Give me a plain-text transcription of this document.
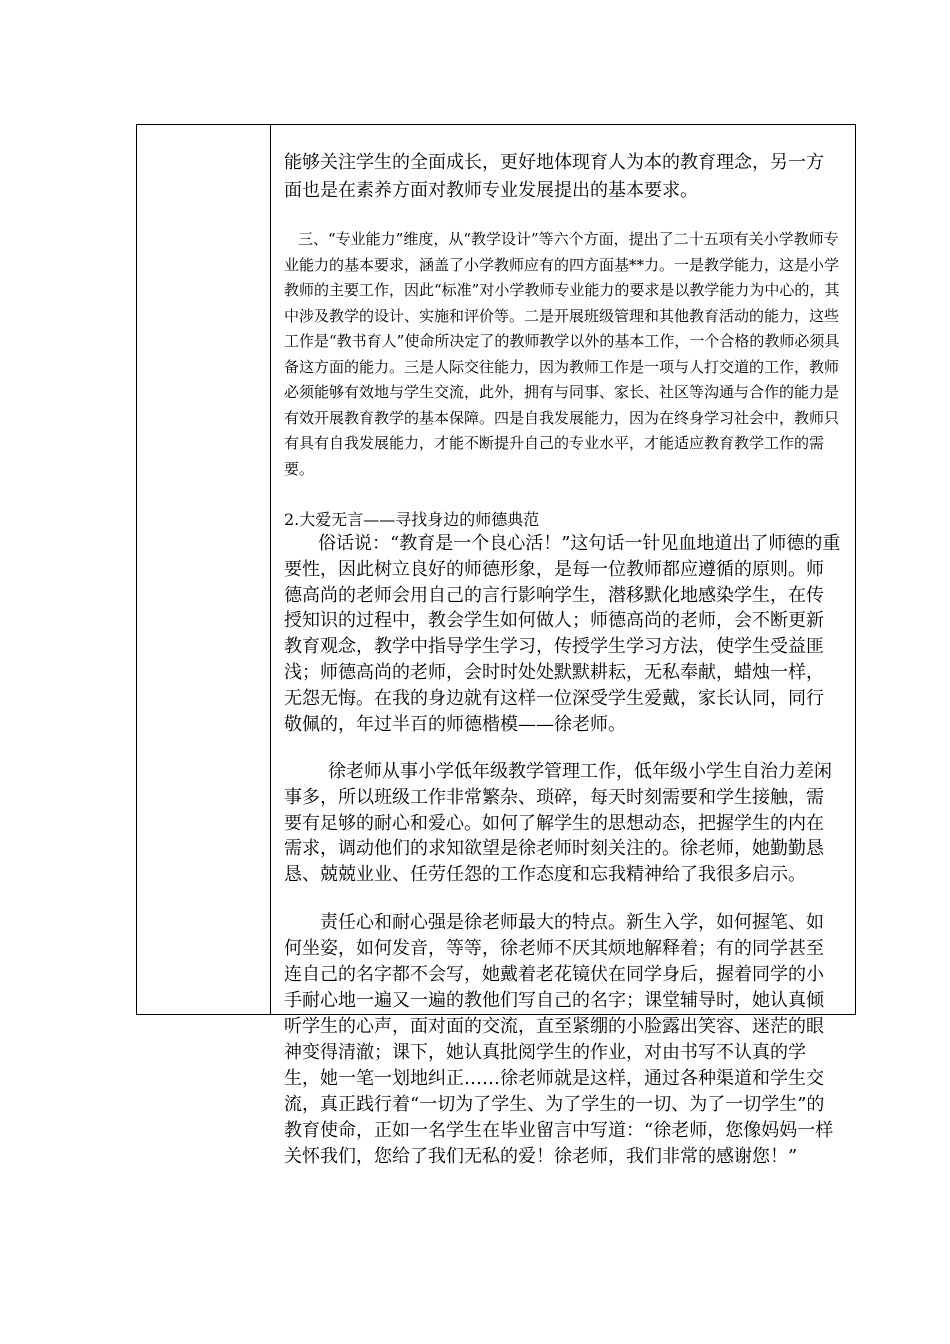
能够关注学生的全面成长，更好地体现育人为本的教育理念，另一方面也是在素养方面对教师专业发展提出的基本要求。

三、“专业能力”维度，从“教学设计”等六个方面，提出了二十五项有关小学教师专业能力的基本要求，涵盖了小学教师应有的四方面基**力。一是教学能力，这是小学教师的主要工作，因此“标准”对小学教师专业能力的要求是以教学能力为中心的，其中涉及教学的设计、实施和评价等。二是开展班级管理和其他教育活动的能力，这些工作是“教书育人”使命所决定了的教师教学以外的基本工作，一个合格的教师必须具备这方面的能力。三是人际交往能力，因为教师工作是一项与人打交道的工作，教师必须能够有效地与学生交流，此外，拥有与同事、家长、社区等沟通与合作的能力是有效开展教育教学的基本保障。四是自我发展能力，因为在终身学习社会中，教师只有具有自我发展能力，才能不断提升自己的专业水平，才能适应教育教学工作的需要。

2.大爱无言——寻找身边的师德典范

俗话说：“教育是一个良心活！”这句话一针见血地道出了师德的重要性，因此树立良好的师德形象，是每一位教师都应遵循的原则。师德高尚的老师会用自己的言行影响学生，潜移默化地感染学生，在传授知识的过程中，教会学生如何做人；师德高尚的老师，会不断更新教育观念，教学中指导学生学习，传授学生学习方法，使学生受益匪浅；师德高尚的老师，会时时处处默默耕耘，无私奉献，蜡烛一样，无怨无悔。在我的身边就有这样一位深受学生爱戴，家长认同，同行敬佩的，年过半百的师德楷模——徐老师。

徐老师从事小学低年级教学管理工作，低年级小学生自治力差闲事多，所以班级工作非常繁杂、琐碎，每天时刻需要和学生接触，需要有足够的耐心和爱心。如何了解学生的思想动态，把握学生的内在需求，调动他们的求知欲望是徐老师时刻关注的。徐老师，她勤勤恳恳、兢兢业业、任劳任怨的工作态度和忘我精神给了我很多启示。

责任心和耐心强是徐老师最大的特点。新生入学，如何握笔、如何坐姿，如何发音，等等，徐老师不厌其烦地解释着；有的同学甚至连自己的名字都不会写，她戴着老花镜伏在同学身后，握着同学的小手耐心地一遍又一遍的教他们写自己的名字；课堂辅导时，她认真倾听学生的心声，面对面的交流，直至紧绷的小脸露出笑容、迷茫的眼神变得清澈；课下，她认真批阅学生的作业，对由书写不认真的学生，她一笔一划地纠正……徐老师就是这样，通过各种渠道和学生交流，真正践行着“一切为了学生、为了学生的一切、为了一切学生”的教育使命，正如一名学生在毕业留言中写道：“徐老师，您像妈妈一样关怀我们，您给了我们无私的爱！徐老师，我们非常的感谢您！”
